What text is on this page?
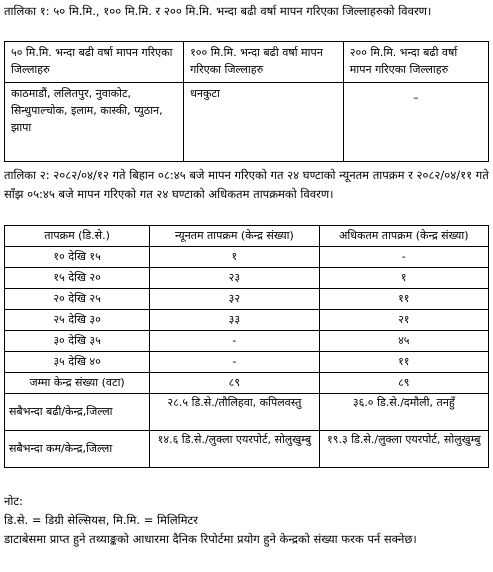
तालिका १: ५० मि.मि., १०० मि.मि. र २०० मि.मि. भन्दा बढी वर्षा मापन गरिएका जिल्लाहरुको विवरण।
५० मि.मि. भन्दा बढी वर्षा मापन गरिएका जिल्लाहरु	१०० मि.मि. भन्दा बढी वर्षा मापन गरिएका जिल्लाहरु	२०० मि.मि. भन्दा बढी वर्षा मापन गरिएका जिल्लाहरु
काठमाडौं, ललितपुर, नुवाकोट, सिन्धुपाल्चोक, इलाम, कास्की, प्युठान, झापा	धनकुटा	–
तालिका २: २०८२/०४/१२ गते बिहान ०८:४५ बजे मापन गरिएको गत २४ घण्टाको न्यूनतम तापक्रम र २०८२/०४/११ गते साँझ ०५:४५ बजे मापन गरिएको गत २४ घण्टाको अधिकतम तापक्रमको विवरण।
तापक्रम (डि.से.)	न्यूनतम तापक्रम (केन्द्र संख्या)	अधिकतम तापक्रम (केन्द्र संख्या)
१० देखि १५	१	-
१५ देखि २०	२३	१
२० देखि २५	३२	११
२५ देखि ३०	३३	२१
३० देखि ३५	-	४५
३५ देखि ४०	-	११
जम्मा केन्द्र संख्या (वटा)	८९	८९
सबैभन्दा बढी/केन्द्र,जिल्ला	२८.५ डि.से./तौलिहवा, कपिलवस्तु	३६.० डि.से./दमौली, तनहुँ
सबैभन्दा कम/केन्द्र,जिल्ला	१४.६ डि.से./लुक्ला एयरपोर्ट, सोलुखुम्बु	१९.३ डि.से./लुक्ला एयरपोर्ट, सोलुखुम्बु
नोट:
डि.से. = डिग्री सेल्सियस, मि.मि. = मिलिमिटर
डाटाबेसमा प्राप्त हुने तथ्याङ्कको आधारमा दैनिक रिपोर्टमा प्रयोग हुने केन्द्रको संख्या फरक पर्न सक्नेछ।
